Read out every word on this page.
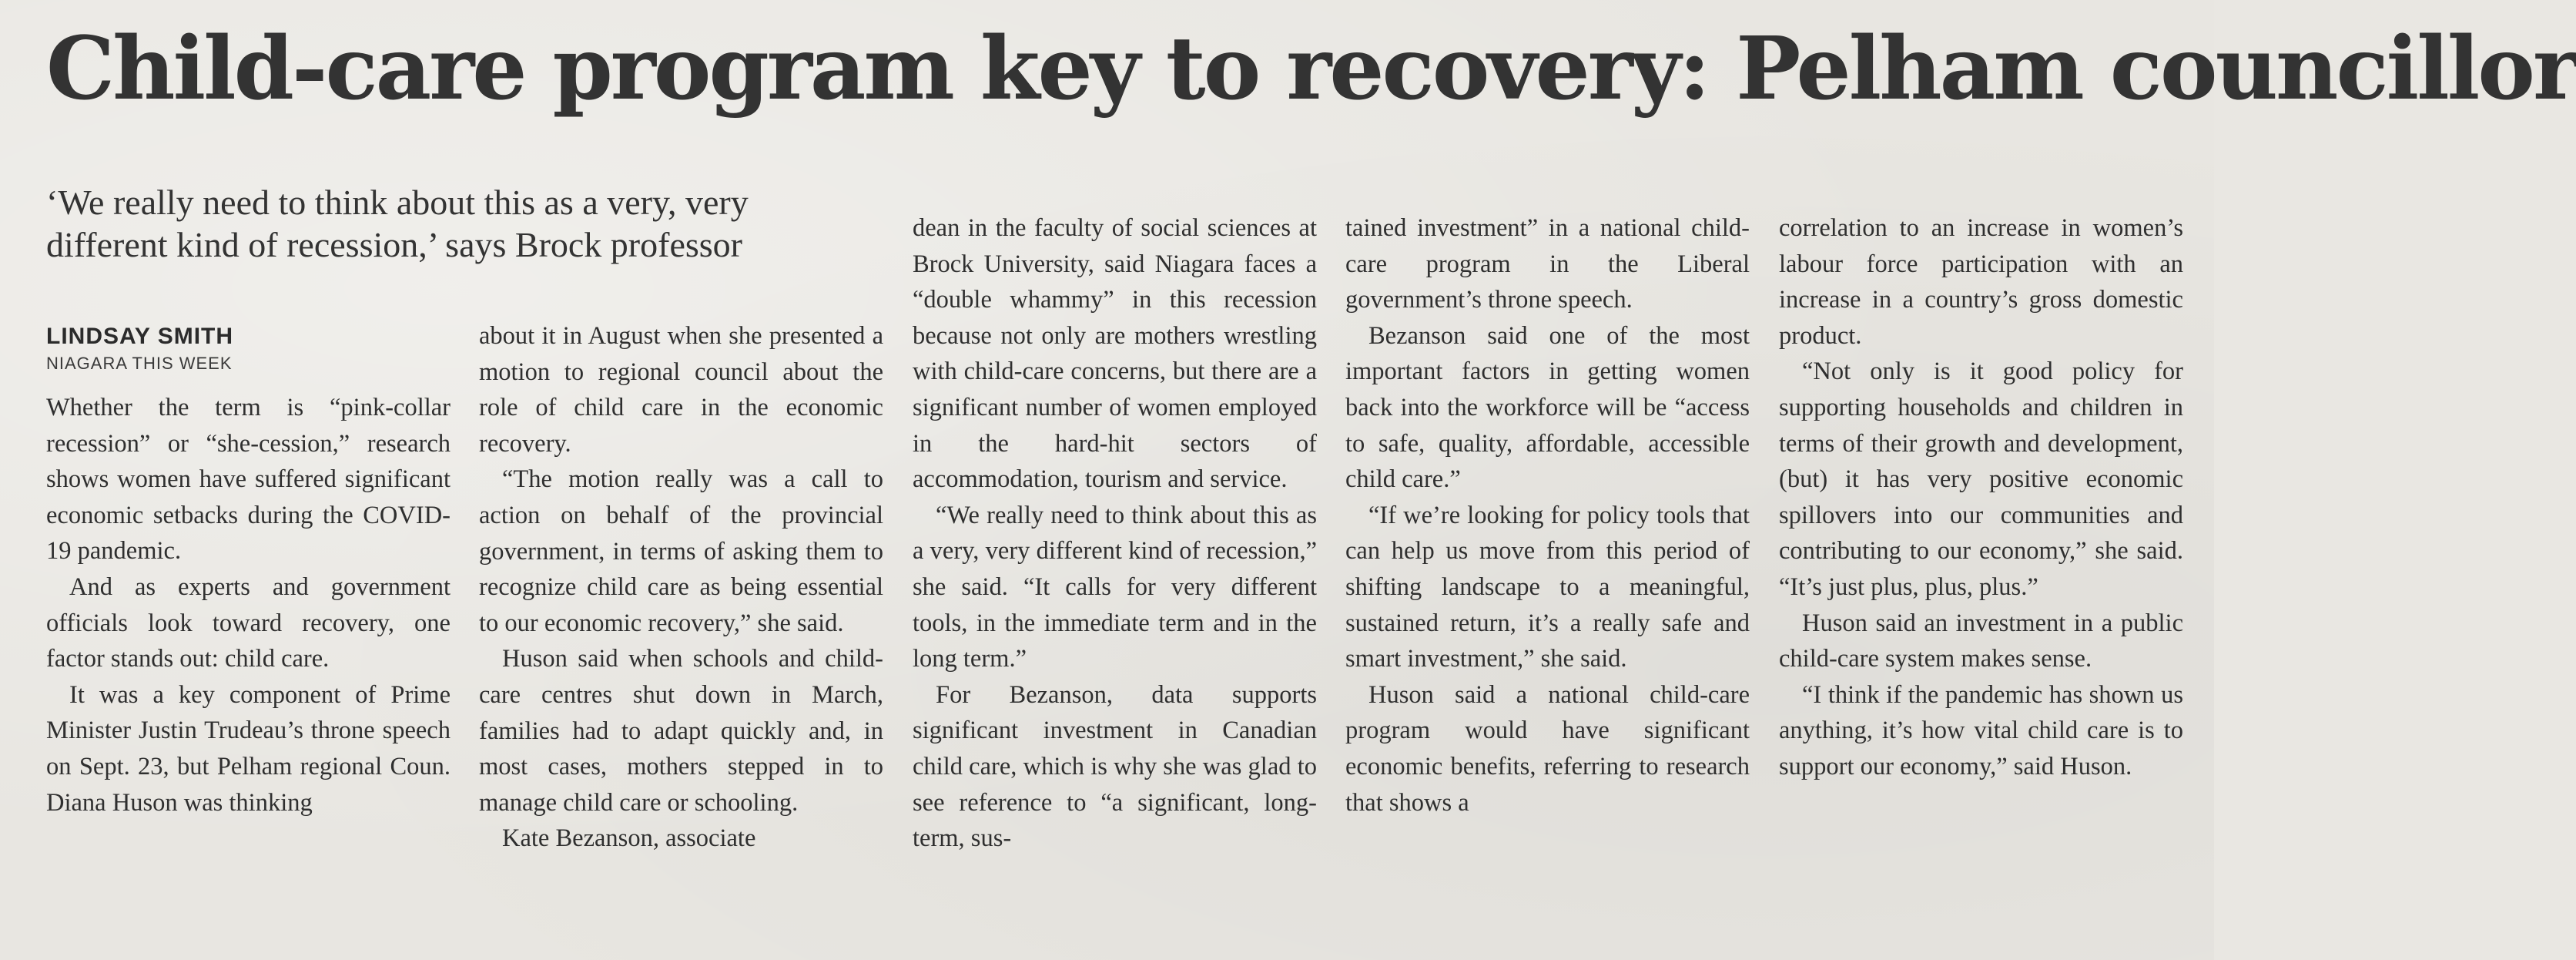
Child-care program key to recovery: Pelham councillor
‘We really need to think about this as a very, very
different kind of recession,’ says Brock professor
LINDSAY SMITH
NIAGARA THIS WEEK

Whether the term is “pink-collar recession” or “she-cession,” research shows women have suffered significant economic setbacks during the COVID-19 pandemic.

And as experts and government officials look toward recovery, one factor stands out: child care.

It was a key component of Prime Minister Justin Trudeau’s throne speech on Sept. 23, but Pelham regional Coun. Diana Huson was thinking

about it in August when she presented a motion to regional council about the role of child care in the economic recovery.

“The motion really was a call to action on behalf of the provincial government, in terms of asking them to recognize child care as being essential to our economic recovery,” she said.

Huson said when schools and child-care centres shut down in March, families had to adapt quickly and, in most cases, mothers stepped in to manage child care or schooling.

Kate Bezanson, associate

dean in the faculty of social sciences at Brock University, said Niagara faces a “double whammy” in this recession because not only are mothers wrestling with child-care concerns, but there are a significant number of women employed in the hard-hit sectors of accommodation, tourism and service.

“We really need to think about this as a very, very different kind of recession,” she said. “It calls for very different tools, in the immediate term and in the long term.”

For Bezanson, data supports significant investment in Canadian child care, which is why she was glad to see reference to “a significant, long-term, sus-

tained investment” in a national child-care program in the Liberal government’s throne speech.

Bezanson said one of the most important factors in getting women back into the workforce will be “access to safe, quality, affordable, accessible child care.”

“If we’re looking for policy tools that can help us move from this period of shifting landscape to a meaningful, sustained return, it’s a really safe and smart investment,” she said.

Huson said a national child-care program would have significant economic benefits, referring to research that shows a

correlation to an increase in women’s labour force participation with an increase in a country’s gross domestic product.

“Not only is it good policy for supporting households and children in terms of their growth and development, (but) it has very positive economic spillovers into our communities and contributing to our economy,” she said. “It’s just plus, plus, plus.”

Huson said an investment in a public child-care system makes sense.

“I think if the pandemic has shown us anything, it’s how vital child care is to support our economy,” said Huson.
